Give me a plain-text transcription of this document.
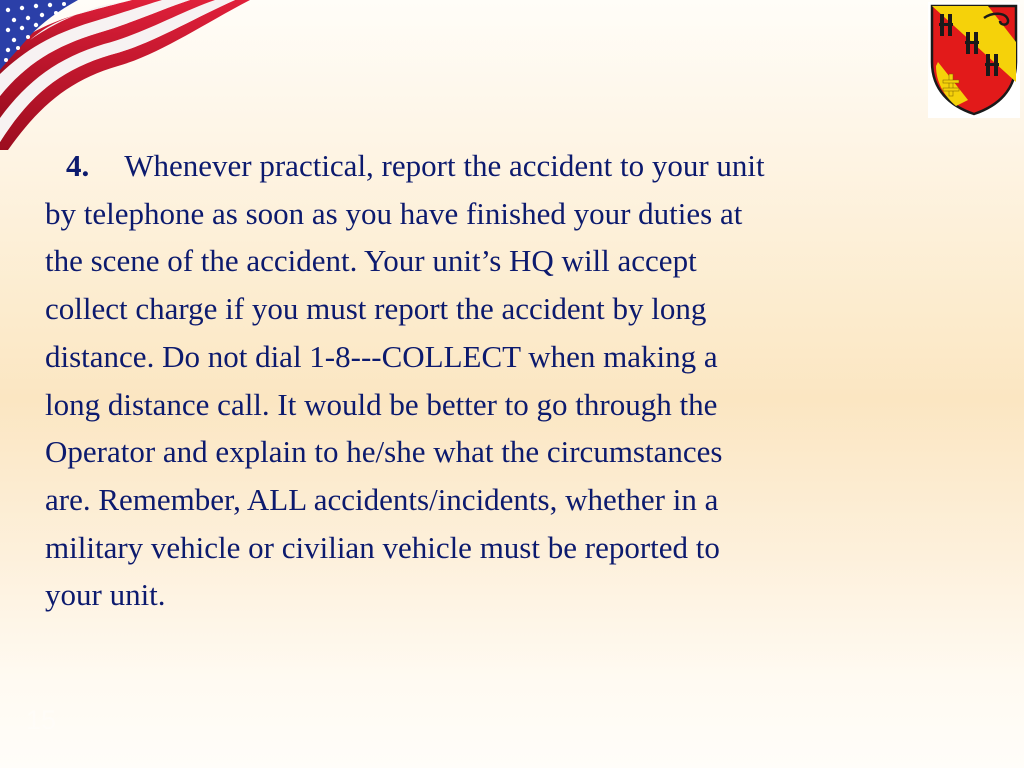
4. Whenever practical, report the accident to your unit
by telephone as soon as you have finished your duties at
the scene of the accident. Your unit’s HQ will accept
collect charge if you must report the accident by long
distance. Do not dial 1-8---COLLECT when making a
long distance call. It would be better to go through the
Operator and explain to he/she what the circumstances
are. Remember, ALL accidents/incidents, whether in a
military vehicle or civilian vehicle must be reported to
your unit.
15
